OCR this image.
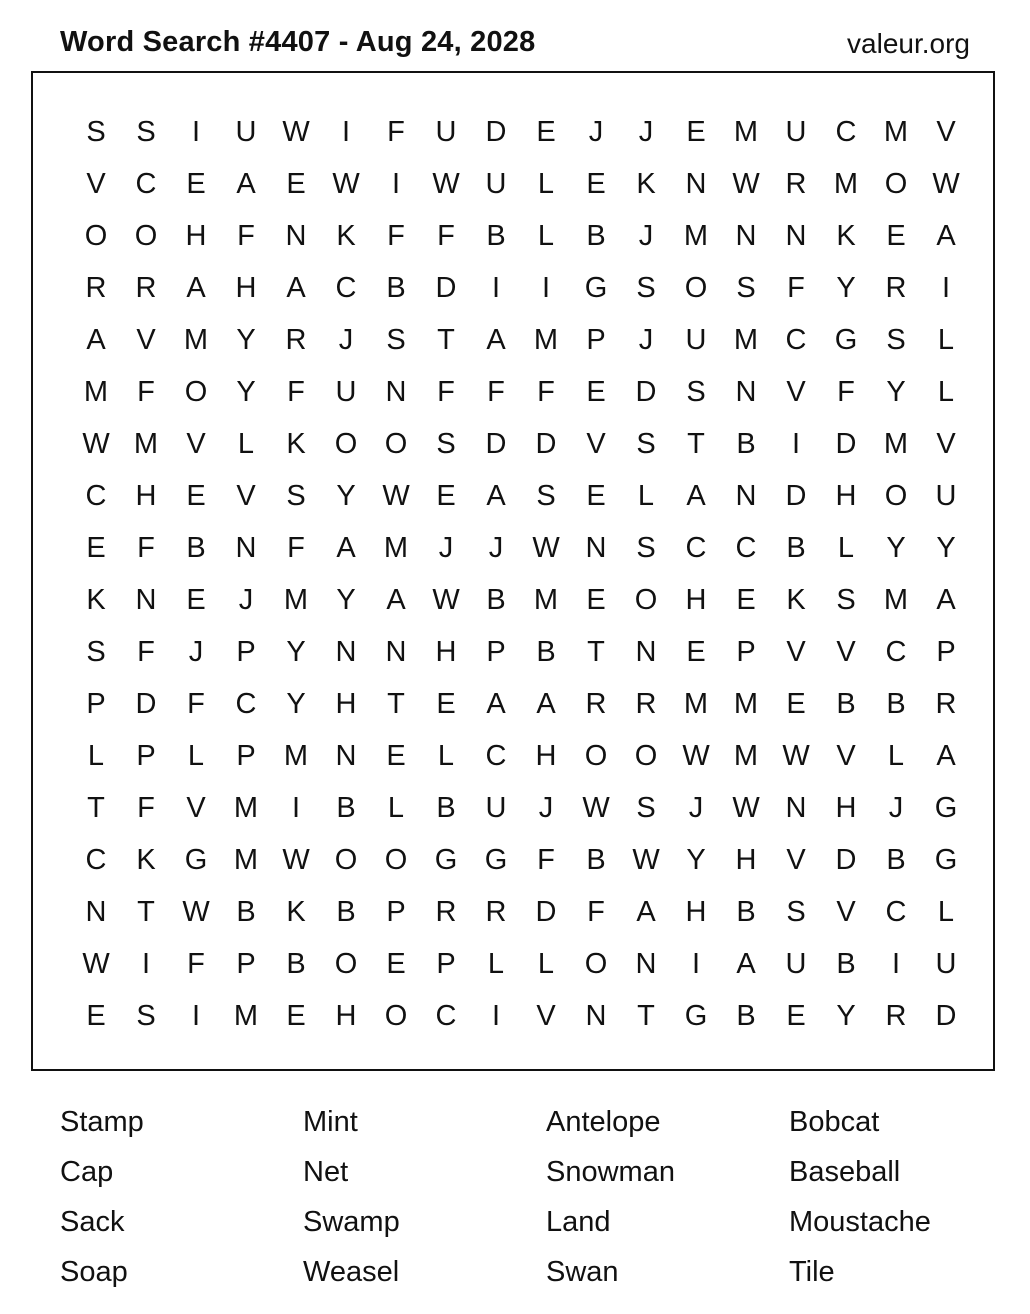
Word Search #4407 - Aug 24, 2028	valeur.org
S	S	I	U W	I	F	U	D	E	J	J	E M U	C M V
V	C	E	A	E W	I	W U	L	E	K	N W R M O W
O O H	F	N	K	F	F	B	L	B	J	M N	N	K	E	A
R	R	A	H	A	C	B	D	I	I	G	S	O	S	F	Y	R	I
A	V M Y	R	J	S	T	A M P	J	U M C G	S	L
M	F	O	Y	F	U	N	F	F	F	E	D	S	N	V	F	Y	L
W M V	L	K	O O	S	D	D	V	S	T	B	I	D M V
C	H	E	V	S	Y W E	A	S	E	L	A	N	D	H O U
E	F	B	N	F	A M	J	J	W N	S	C	C	B	L	Y	Y
K	N	E	J	M Y	A W B M E	O H	E	K	S M A
S	F	J	P	Y	N	N	H	P	B	T	N	E	P	V	V	C	P
P	D	F	C	Y	H	T	E	A	A	R	R M M E	B	B	R
L	P	L	P M N	E	L	C	H O O W M W V	L	A
T	F	V M	I	B	L	B	U	J	W S	J	W N	H	J	G
C	K	G M W O O G G	F	B W Y	H	V	D	B	G
N	T W B	K	B	P	R	R	D	F	A	H	B	S	V	C	L
W	I	F	P	B	O	E	P	L	L	O N	I	A	U	B	I	U
E	S	I	M E	H O C	I	V	N	T	G	B	E	Y	R	D
Stamp	Mint	Antelope	Bobcat
Cap	Net	Snowman	Baseball
Sack	Swamp	Land	Moustache
Soap	Weasel	Swan	Tile
